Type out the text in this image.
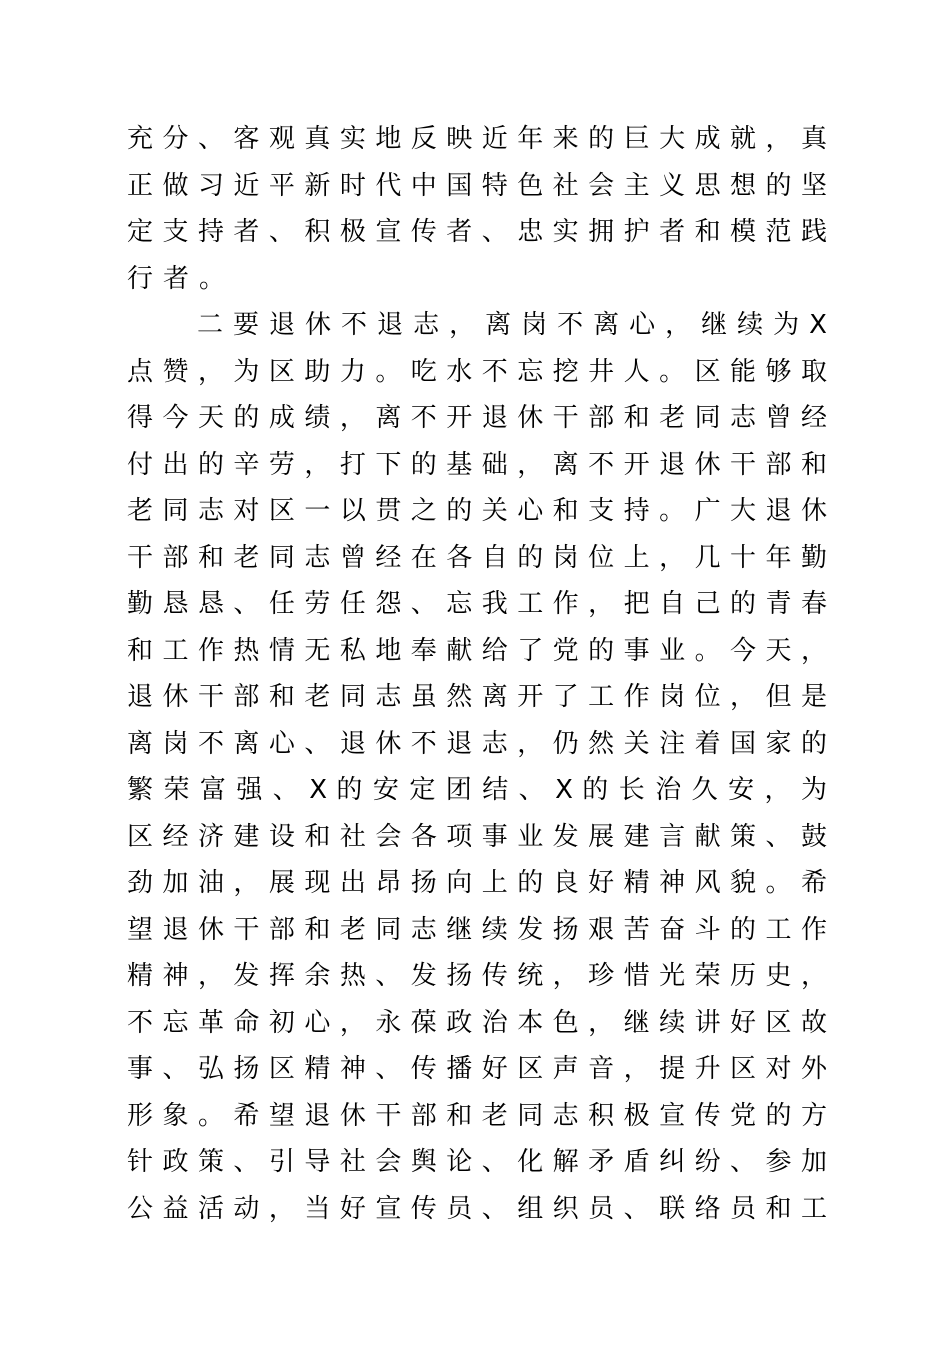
充 分 、 客 观 真 实 地 反 映 近 年 来 的 巨 大 成 就 ， 真
正 做 习 近 平 新 时 代 中 国 特 色 社 会 主 义 思 想 的 坚
定 支 持 者 、 积 极 宣 传 者 、 忠 实 拥 护 者 和 模 范 践
行者。
二 要 退 休 不 退 志 ， 离 岗 不 离 心 ， 继 续 为 X
点 赞 ， 为 区 助 力 。 吃 水 不 忘 挖 井 人 。 区 能 够 取
得 今 天 的 成 绩 ， 离 不 开 退 休 干 部 和 老 同 志 曾 经
付 出 的 辛 劳 ， 打 下 的 基 础 ， 离 不 开 退 休 干 部 和
老 同 志 对 区 一 以 贯 之 的 关 心 和 支 持 。 广 大 退 休
干 部 和 老 同 志 曾 经 在 各 自 的 岗 位 上 ， 几 十 年 勤
勤 恳 恳 、 任 劳 任 怨 、 忘 我 工 作 ， 把 自 己 的 青 春
和 工 作 热 情 无 私 地 奉 献 给 了 党 的 事 业 。 今 天 ，
退 休 干 部 和 老 同 志 虽 然 离 开 了 工 作 岗 位 ， 但 是
离 岗 不 离 心 、 退 休 不 退 志 ， 仍 然 关 注 着 国 家 的
繁 荣 富 强 、 X 的 安 定 团 结 、 X 的 长 治 久 安 ， 为
区 经 济 建 设 和 社 会 各 项 事 业 发 展 建 言 献 策 、 鼓
劲 加 油 ， 展 现 出 昂 扬 向 上 的 良 好 精 神 风 貌 。 希
望 退 休 干 部 和 老 同 志 继 续 发 扬 艰 苦 奋 斗 的 工 作
精 神 ， 发 挥 余 热 、 发 扬 传 统 ， 珍 惜 光 荣 历 史 ，
不 忘 革 命 初 心 ， 永 葆 政 治 本 色 ， 继 续 讲 好 区 故
事 、 弘 扬 区 精 神 、 传 播 好 区 声 音 ， 提 升 区 对 外
形 象 。 希 望 退 休 干 部 和 老 同 志 积 极 宣 传 党 的 方
针 政 策 、 引 导 社 会 舆 论 、 化 解 矛 盾 纠 纷 、 参 加
公 益 活 动 ， 当 好 宣 传 员 、 组 织 员 、 联 络 员 和 工
